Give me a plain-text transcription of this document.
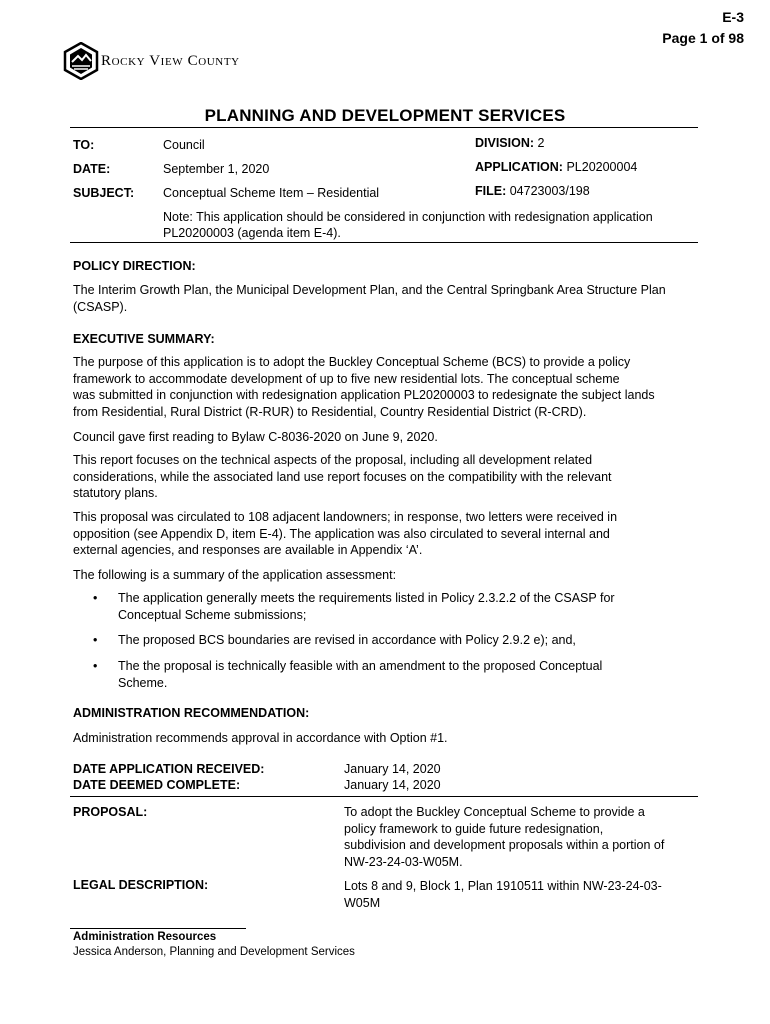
E-3
Page 1 of 98
Rocky View County
PLANNING AND DEVELOPMENT SERVICES
TO:	Council	DIVISION: 2
DATE:	September 1, 2020	APPLICATION: PL20200004
SUBJECT: Conceptual Scheme Item – Residential	FILE: 04723003/198
Note: This application should be considered in conjunction with redesignation application
PL20200003 (agenda item E-4).
POLICY DIRECTION:
The Interim Growth Plan, the Municipal Development Plan, and the Central Springbank Area Structure Plan
(CSASP).
EXECUTIVE SUMMARY:
The purpose of this application is to adopt the Buckley Conceptual Scheme (BCS) to provide a policy
framework to accommodate development of up to five new residential lots. The conceptual scheme
was submitted in conjunction with redesignation application PL20200003 to redesignate the subject lands
from Residential, Rural District (R-RUR) to Residential, Country Residential District (R-CRD).
Council gave first reading to Bylaw C-8036-2020 on June 9, 2020.
This report focuses on the technical aspects of the proposal, including all development related
considerations, while the associated land use report focuses on the compatibility with the relevant
statutory plans.
This proposal was circulated to 108 adjacent landowners; in response, two letters were received in
opposition (see Appendix D, item E-4). The application was also circulated to several internal and
external agencies, and responses are available in Appendix ‘A’.
The following is a summary of the application assessment:
• The application generally meets the requirements listed in Policy 2.3.2.2 of the CSASP for
Conceptual Scheme submissions;
• The proposed BCS boundaries are revised in accordance with Policy 2.9.2 e); and,
• The the proposal is technically feasible with an amendment to the proposed Conceptual
Scheme.
ADMINISTRATION RECOMMENDATION:
Administration recommends approval in accordance with Option #1.
DATE APPLICATION RECEIVED:	January 14, 2020
DATE DEEMED COMPLETE:	January 14, 2020
PROPOSAL:	To adopt the Buckley Conceptual Scheme to provide a
policy framework to guide future redesignation,
subdivision and development proposals within a portion of
NW-23-24-03-W05M.
LEGAL DESCRIPTION:	Lots 8 and 9, Block 1, Plan 1910511 within NW-23-24-03-
W05M
Administration Resources
Jessica Anderson, Planning and Development Services
